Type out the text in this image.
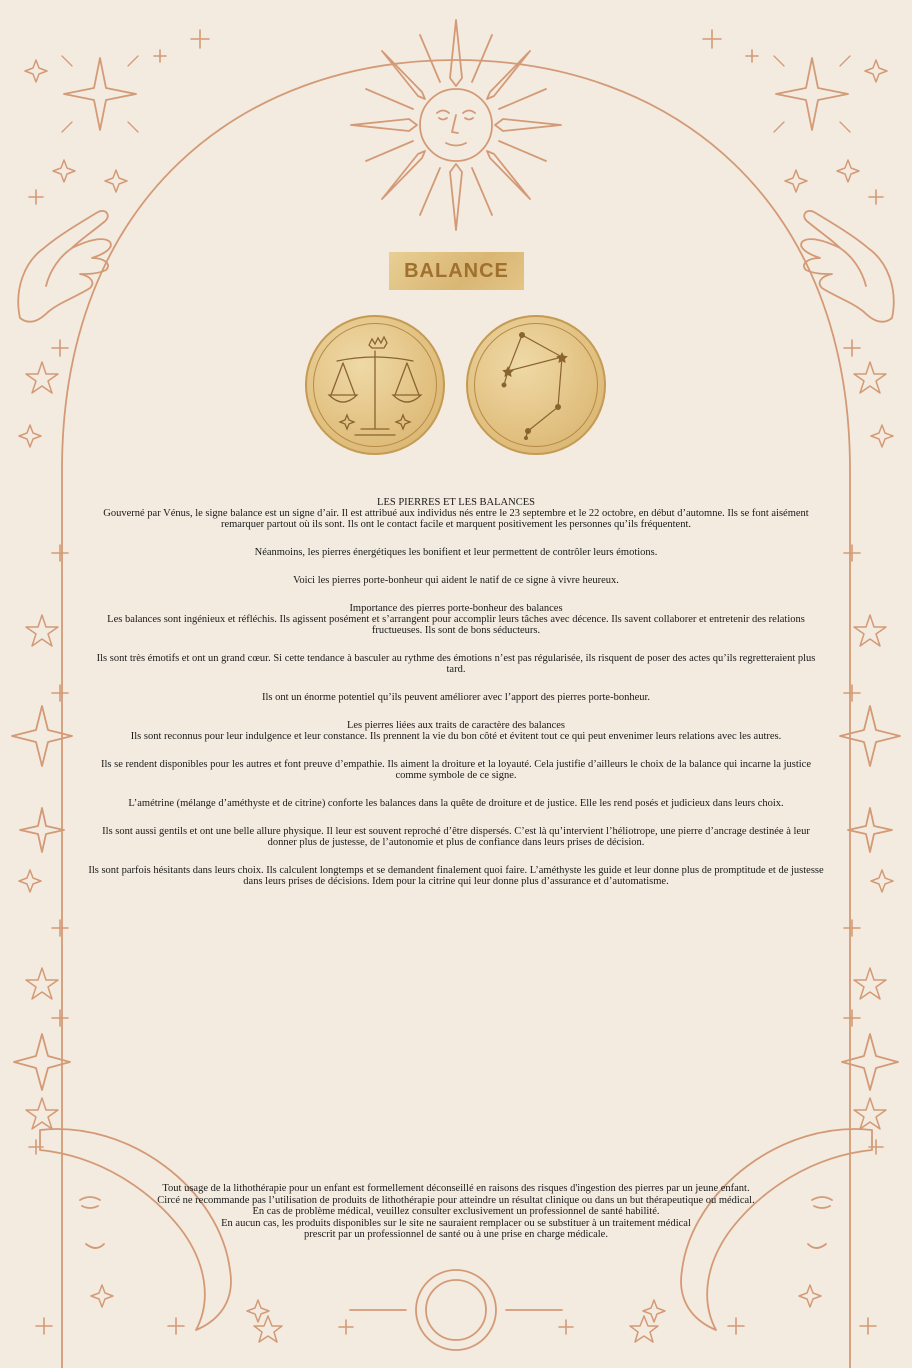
BALANCE
LES PIERRES ET LES BALANCES

Gouverné par Vénus, le signe balance est un signe d’air. Il est attribué aux individus nés entre le 23 septembre et le 22 octobre, en début d’automne. Ils se font aisément remarquer partout où ils sont. Ils ont le contact facile et marquent positivement les personnes qu’ils fréquentent.

Néanmoins, les pierres énergétiques les bonifient et leur permettent de contrôler leurs émotions.

Voici les pierres porte-bonheur qui aident le natif de ce signe à vivre heureux.

Importance des pierres porte-bonheur des balances

Les balances sont ingénieux et réfléchis. Ils agissent posément et s’arrangent pour accomplir leurs tâches avec décence. Ils savent collaborer et entretenir des relations fructueuses. Ils sont de bons séducteurs.

Ils sont très émotifs et ont un grand cœur. Si cette tendance à basculer au rythme des émotions n’est pas régularisée, ils risquent de poser des actes qu’ils regretteraient plus tard.

Ils ont un énorme potentiel qu’ils peuvent améliorer avec l’apport des pierres porte-bonheur.

Les pierres liées aux traits de caractère des balances

Ils sont reconnus pour leur indulgence et leur constance. Ils prennent la vie du bon côté et évitent tout ce qui peut envenimer leurs relations avec les autres.

Ils se rendent disponibles pour les autres et font preuve d’empathie. Ils aiment la droiture et la loyauté. Cela justifie d’ailleurs le choix de la balance qui incarne la justice comme symbole de ce signe.

L’amétrine (mélange d’améthyste et de citrine) conforte les balances dans la quête de droiture et de justice. Elle les rend posés et judicieux dans leurs choix.

Ils sont aussi gentils et ont une belle allure physique. Il leur est souvent reproché d’être dispersés. C’est là qu’intervient l’héliotrope, une pierre d’ancrage destinée à leur donner plus de justesse, de l’autonomie et plus de confiance dans leurs prises de décision.

Ils sont parfois hésitants dans leurs choix. Ils calculent longtemps et se demandent finalement quoi faire. L’améthyste les guide et leur donne plus de promptitude et de justesse dans leurs prises de décisions. Idem pour la citrine qui leur donne plus d’assurance et d’automatisme.

Tout usage de la lithothérapie pour un enfant est formellement déconseillé en raisons des risques d'ingestion des pierres par un jeune enfant.
Circé ne recommande pas l’utilisation de produits de lithothérapie pour atteindre un résultat clinique ou dans un but thérapeutique ou médical.
En cas de problème médical, veuillez consulter exclusivement un professionnel de santé habilité.
En aucun cas, les produits disponibles sur le site ne sauraient remplacer ou se substituer à un traitement médical
prescrit par un professionnel de santé ou à une prise en charge médicale.
